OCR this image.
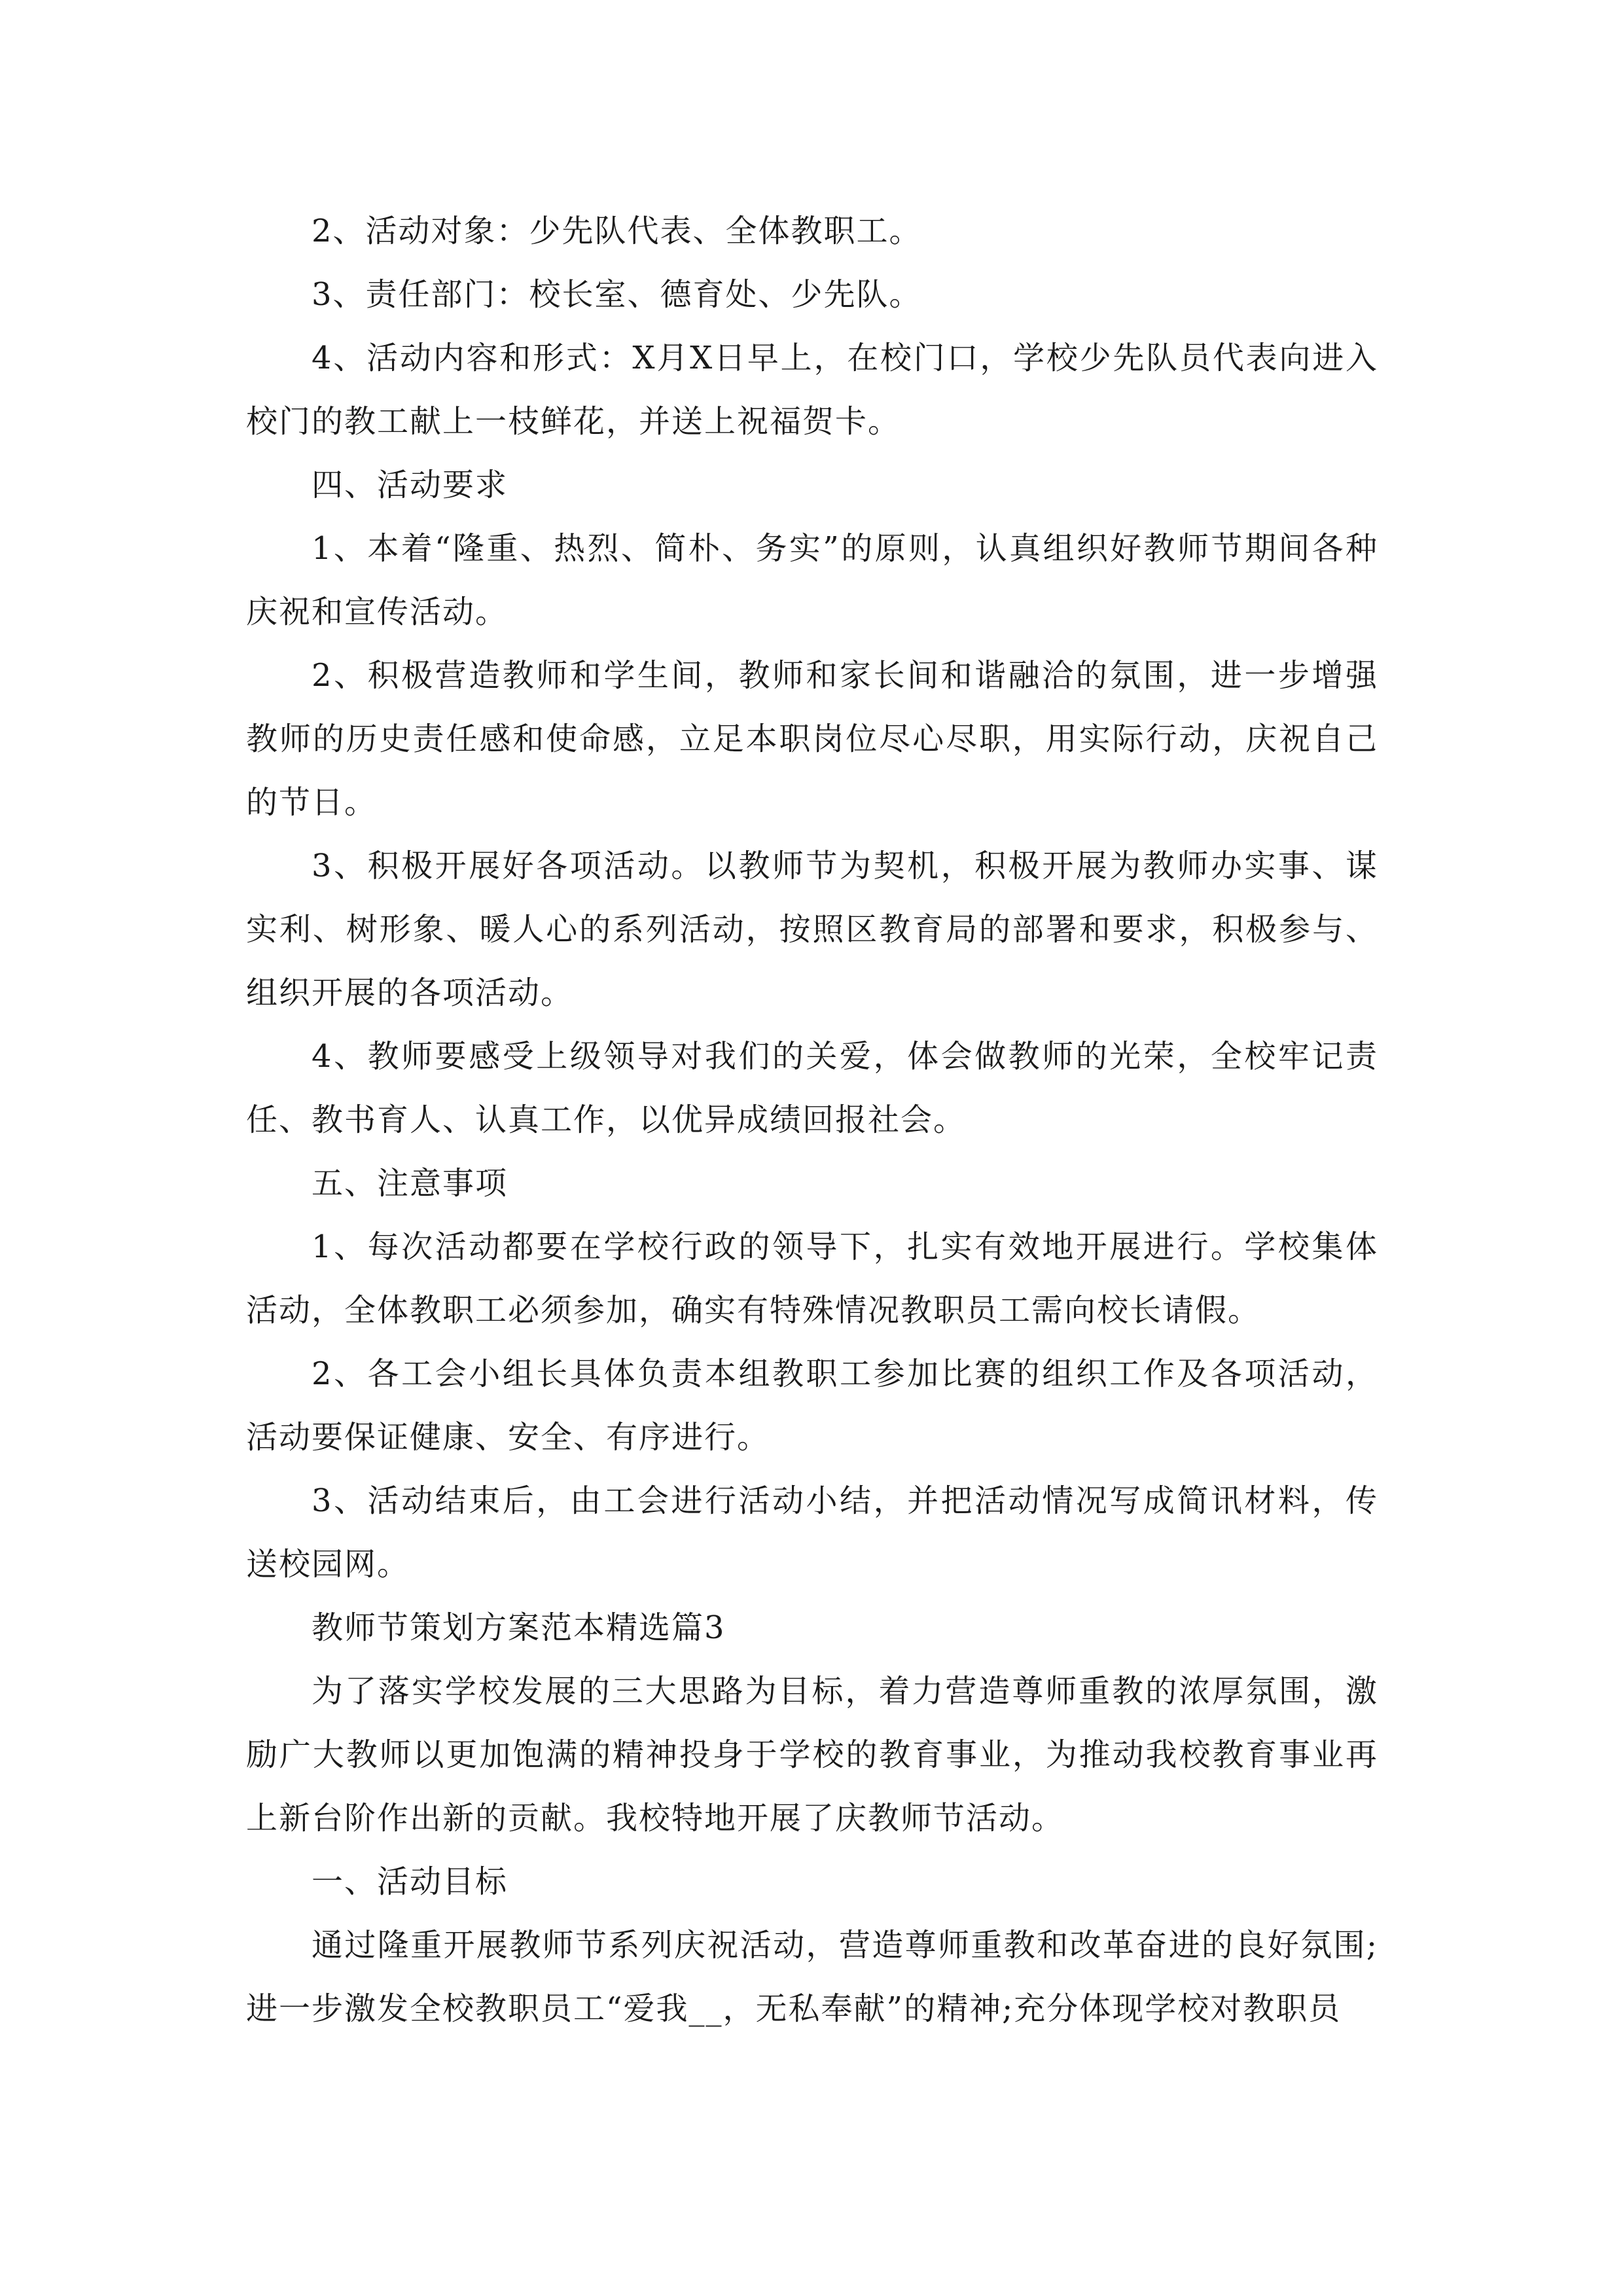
2、活动对象：少先队代表、全体教职工。

3、责任部门：校长室、德育处、少先队。

4、活动内容和形式：X月X日早上，在校门口，学校少先队员代表向进入校门的教工献上一枝鲜花，并送上祝福贺卡。

四、活动要求

1、本着“隆重、热烈、简朴、务实”的原则，认真组织好教师节期间各种庆祝和宣传活动。

2、积极营造教师和学生间，教师和家长间和谐融洽的氛围，进一步增强教师的历史责任感和使命感，立足本职岗位尽心尽职，用实际行动，庆祝自己的节日。

3、积极开展好各项活动。以教师节为契机，积极开展为教师办实事、谋实利、树形象、暖人心的系列活动，按照区教育局的部署和要求，积极参与、组织开展的各项活动。

4、教师要感受上级领导对我们的关爱，体会做教师的光荣，全校牢记责任、教书育人、认真工作，以优异成绩回报社会。

五、注意事项

1、每次活动都要在学校行政的领导下，扎实有效地开展进行。学校集体活动，全体教职工必须参加，确实有特殊情况教职员工需向校长请假。

2、各工会小组长具体负责本组教职工参加比赛的组织工作及各项活动，活动要保证健康、安全、有序进行。

3、活动结束后，由工会进行活动小结，并把活动情况写成简讯材料，传送校园网。

教师节策划方案范本精选篇3

为了落实学校发展的三大思路为目标，着力营造尊师重教的浓厚氛围，激励广大教师以更加饱满的精神投身于学校的教育事业，为推动我校教育事业再上新台阶作出新的贡献。我校特地开展了庆教师节活动。

一、活动目标

通过隆重开展教师节系列庆祝活动，营造尊师重教和改革奋进的良好氛围;进一步激发全校教职员工“爱我__，无私奉献”的精神;充分体现学校对教职员
